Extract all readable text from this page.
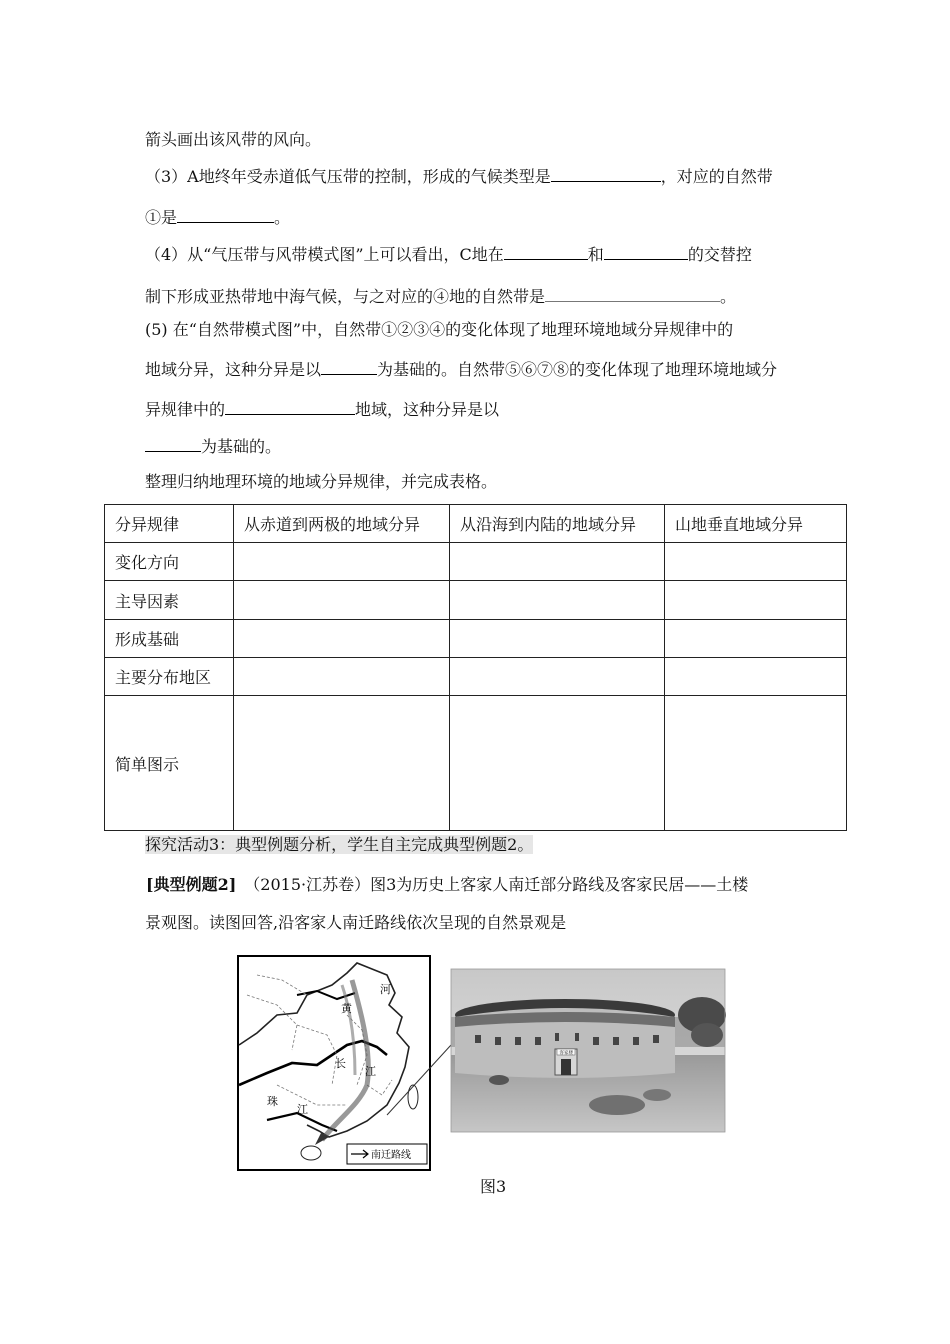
箭头画出该风带的风向。
（3）A地终年受赤道低气压带的控制，形成的气候类型是	，对应的自然带
①是	。
（4）从“气压带与风带模式图”上可以看出，C地在	和	的交替控
制下形成亚热带地中海气候，与之对应的④地的自然带是	。
(5) 在“自然带模式图”中，自然带①②③④的变化体现了地理环境地域分异规律中的
地域分异，这种分异是以	为基础的。自然带⑤⑥⑦⑧的变化体现了地理环境地域分
异规律中的	地域，这种分异是以
为基础的。
整理归纳地理环境的地域分异规律，并完成表格。
分异规律	从赤道到两极的地域分异	从沿海到内陆的地域分异	山地垂直地域分异
变化方向			
主导因素			
形成基础			
主要分布地区			
简单图示			
探究活动3：典型例题分析，学生自主完成典型例题2。
[典型例题2] （2015·江苏卷）图3为历史上客家人南迁部分路线及客家民居——土楼
景观图。读图回答,沿客家人南迁路线依次呈现的自然景观是
河
黄
长
江
珠
江
南迁路线
客家楼
图3
